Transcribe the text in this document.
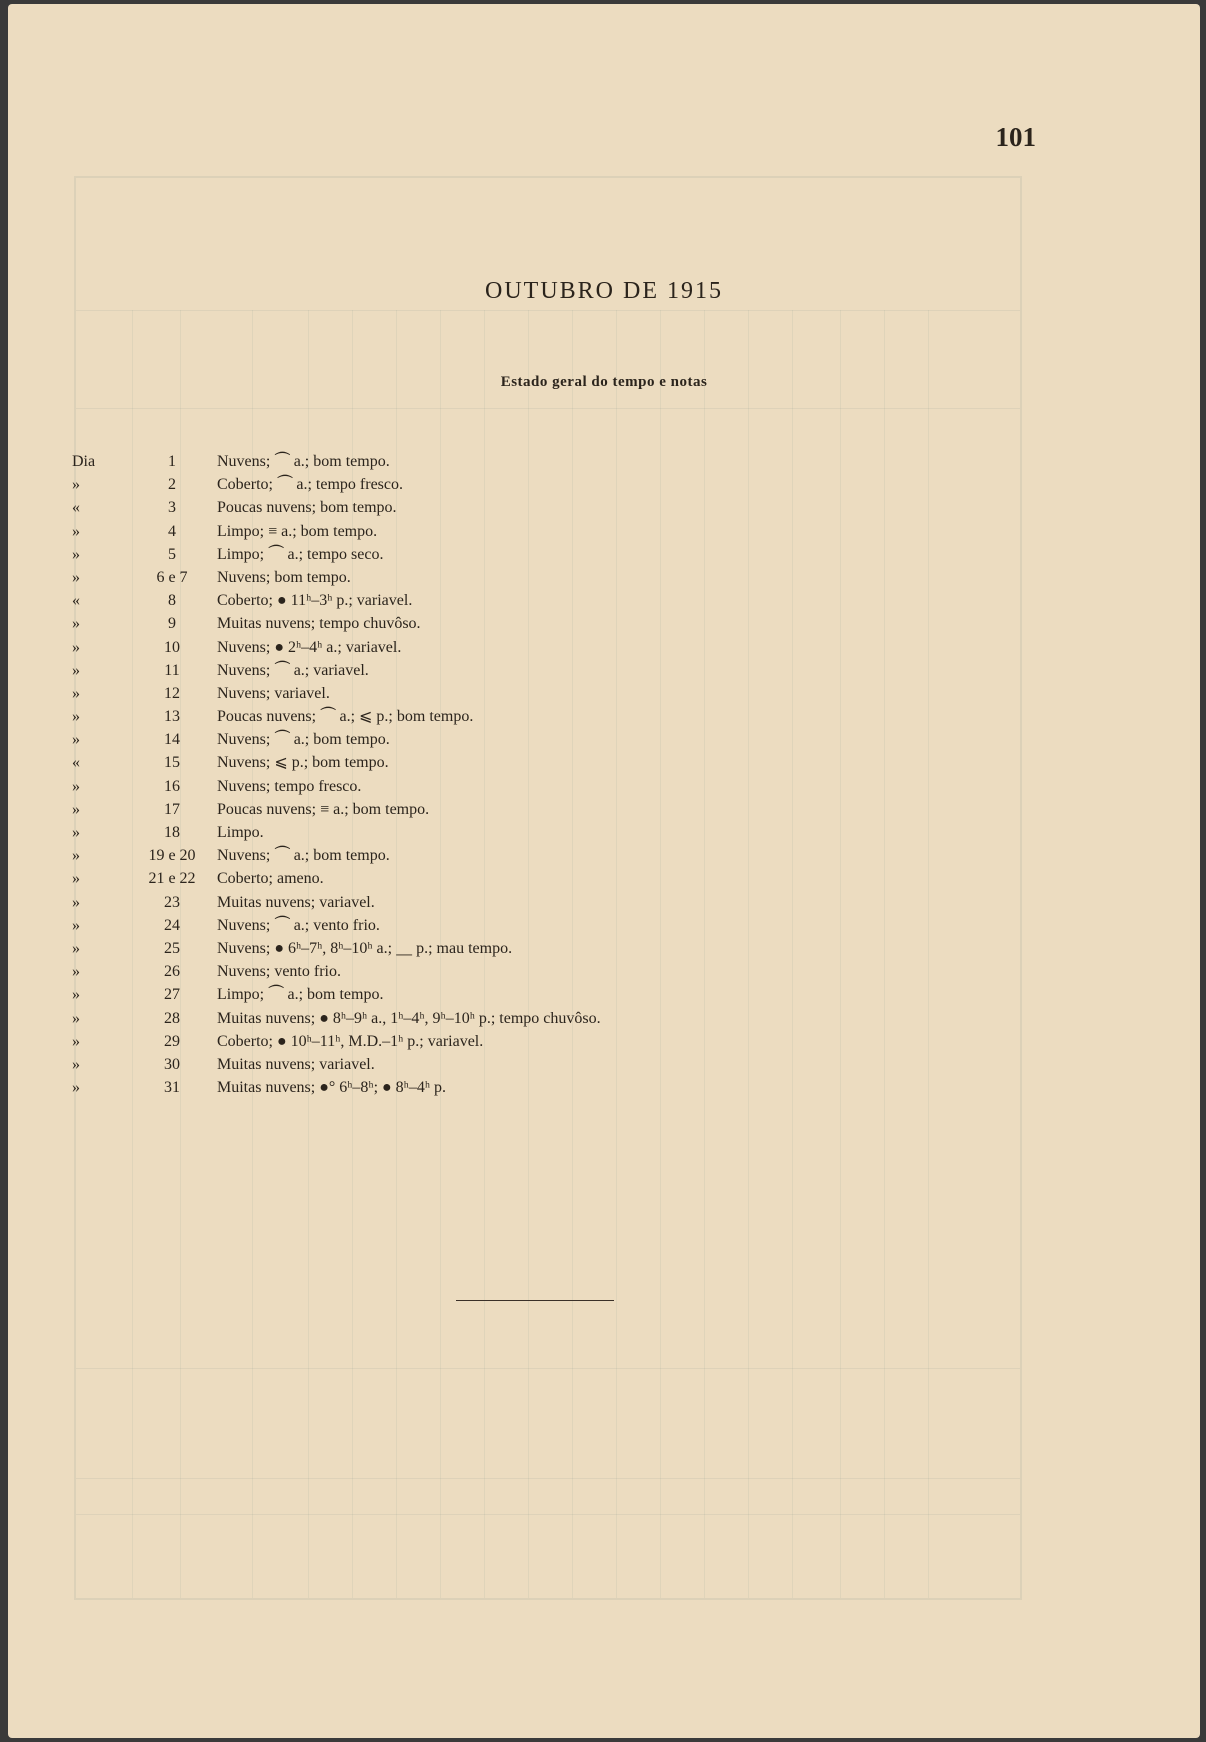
101
OUTUBRO DE 1915
Estado geral do tempo e notas
Dia	1	Nuvens; ⏜ a.; bom tempo.
»	2	Coberto; ⏜ a.; tempo fresco.
«	3	Poucas nuvens; bom tempo.
»	4	Limpo; ≡ a.; bom tempo.
»	5	Limpo; ⏜ a.; tempo seco.
»	6 e 7	Nuvens; bom tempo.
«	8	Coberto; ● 11ʰ–3ʰ p.; variavel.
»	9	Muitas nuvens; tempo chuvôso.
»	10	Nuvens; ● 2ʰ–4ʰ a.; variavel.
»	11	Nuvens; ⏜ a.; variavel.
»	12	Nuvens; variavel.
»	13	Poucas nuvens; ⏜ a.; ⩽ p.; bom tempo.
»	14	Nuvens; ⏜ a.; bom tempo.
«	15	Nuvens; ⩽ p.; bom tempo.
»	16	Nuvens; tempo fresco.
»	17	Poucas nuvens; ≡ a.; bom tempo.
»	18	Limpo.
»	19 e 20	Nuvens; ⏜ a.; bom tempo.
»	21 e 22	Coberto; ameno.
»	23	Muitas nuvens; variavel.
»	24	Nuvens; ⏜ a.; vento frio.
»	25	Nuvens; ● 6ʰ–7ʰ, 8ʰ–10ʰ a.; ⸏ p.; mau tempo.
»	26	Nuvens; vento frio.
»	27	Limpo; ⏜ a.; bom tempo.
»	28	Muitas nuvens; ● 8ʰ–9ʰ a., 1ʰ–4ʰ, 9ʰ–10ʰ p.; tempo chuvôso.
»	29	Coberto; ● 10ʰ–11ʰ, M.D.–1ʰ p.; variavel.
»	30	Muitas nuvens; variavel.
»	31	Muitas nuvens; ●° 6ʰ–8ʰ; ● 8ʰ–4ʰ p.
